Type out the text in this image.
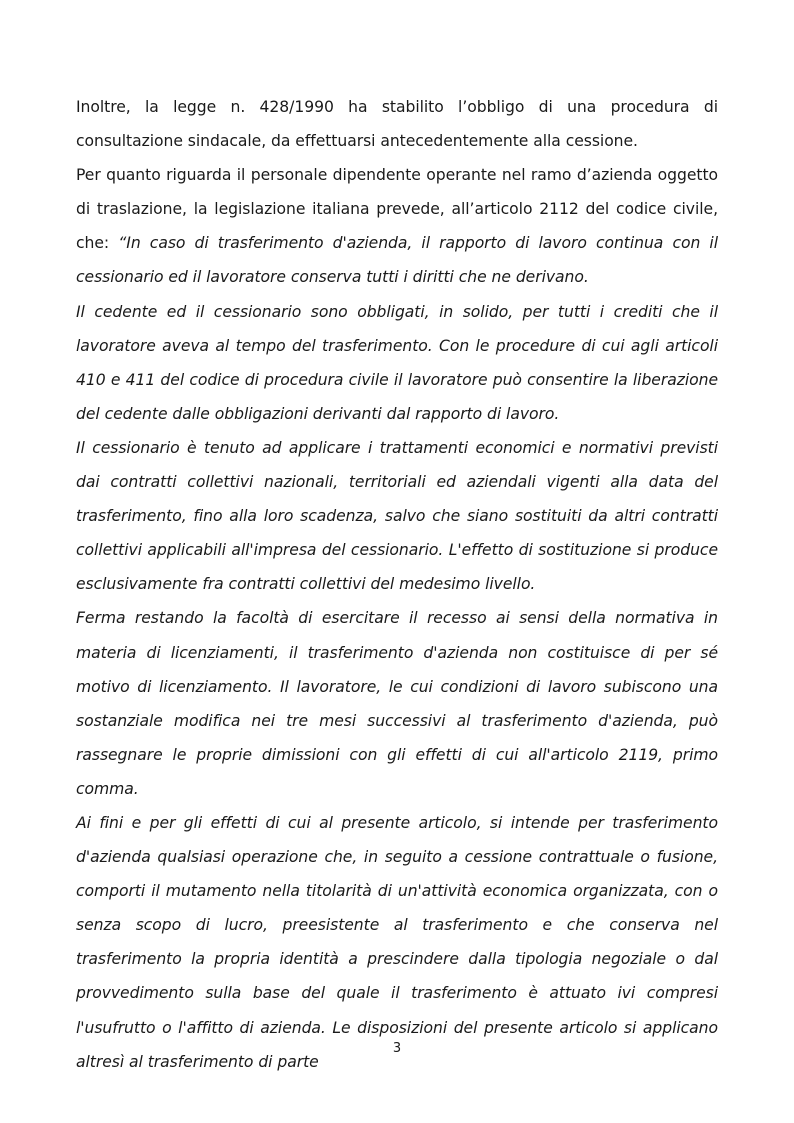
Inoltre, la legge n. 428/1990 ha stabilito l’obbligo di una procedura di consultazione sindacale, da effettuarsi antecedentemente alla cessione.

Per quanto riguarda il personale dipendente operante nel ramo d’azienda oggetto di traslazione, la legislazione italiana prevede, all’articolo 2112 del codice civile, che: “In caso di trasferimento d'azienda, il rapporto di lavoro continua con il cessionario ed il lavoratore conserva tutti i diritti che ne derivano.

Il cedente ed il cessionario sono obbligati, in solido, per tutti i crediti che il lavoratore aveva al tempo del trasferimento. Con le procedure di cui agli articoli 410 e 411 del codice di procedura civile il lavoratore può consentire la liberazione del cedente dalle obbligazioni derivanti dal rapporto di lavoro.

Il cessionario è tenuto ad applicare i trattamenti economici e normativi previsti dai contratti collettivi nazionali, territoriali ed aziendali vigenti alla data del trasferimento, fino alla loro scadenza, salvo che siano sostituiti da altri contratti collettivi applicabili all'impresa del cessionario. L'effetto di sostituzione si produce esclusivamente fra contratti collettivi del medesimo livello.

Ferma restando la facoltà di esercitare il recesso ai sensi della normativa in materia di licenziamenti, il trasferimento d'azienda non costituisce di per sé motivo di licenziamento. Il lavoratore, le cui condizioni di lavoro subiscono una sostanziale modifica nei tre mesi successivi al trasferimento d'azienda, può rassegnare le proprie dimissioni con gli effetti di cui all'articolo 2119, primo comma.

Ai fini e per gli effetti di cui al presente articolo, si intende per trasferimento d'azienda qualsiasi operazione che, in seguito a cessione contrattuale o fusione, comporti il mutamento nella titolarità di un'attività economica organizzata, con o senza scopo di lucro, preesistente al trasferimento e che conserva nel trasferimento la propria identità a prescindere dalla tipologia negoziale o dal provvedimento sulla base del quale il trasferimento è attuato ivi compresi l'usufrutto o l'affitto di azienda. Le disposizioni del presente articolo si applicano altresì al trasferimento di parte

3
